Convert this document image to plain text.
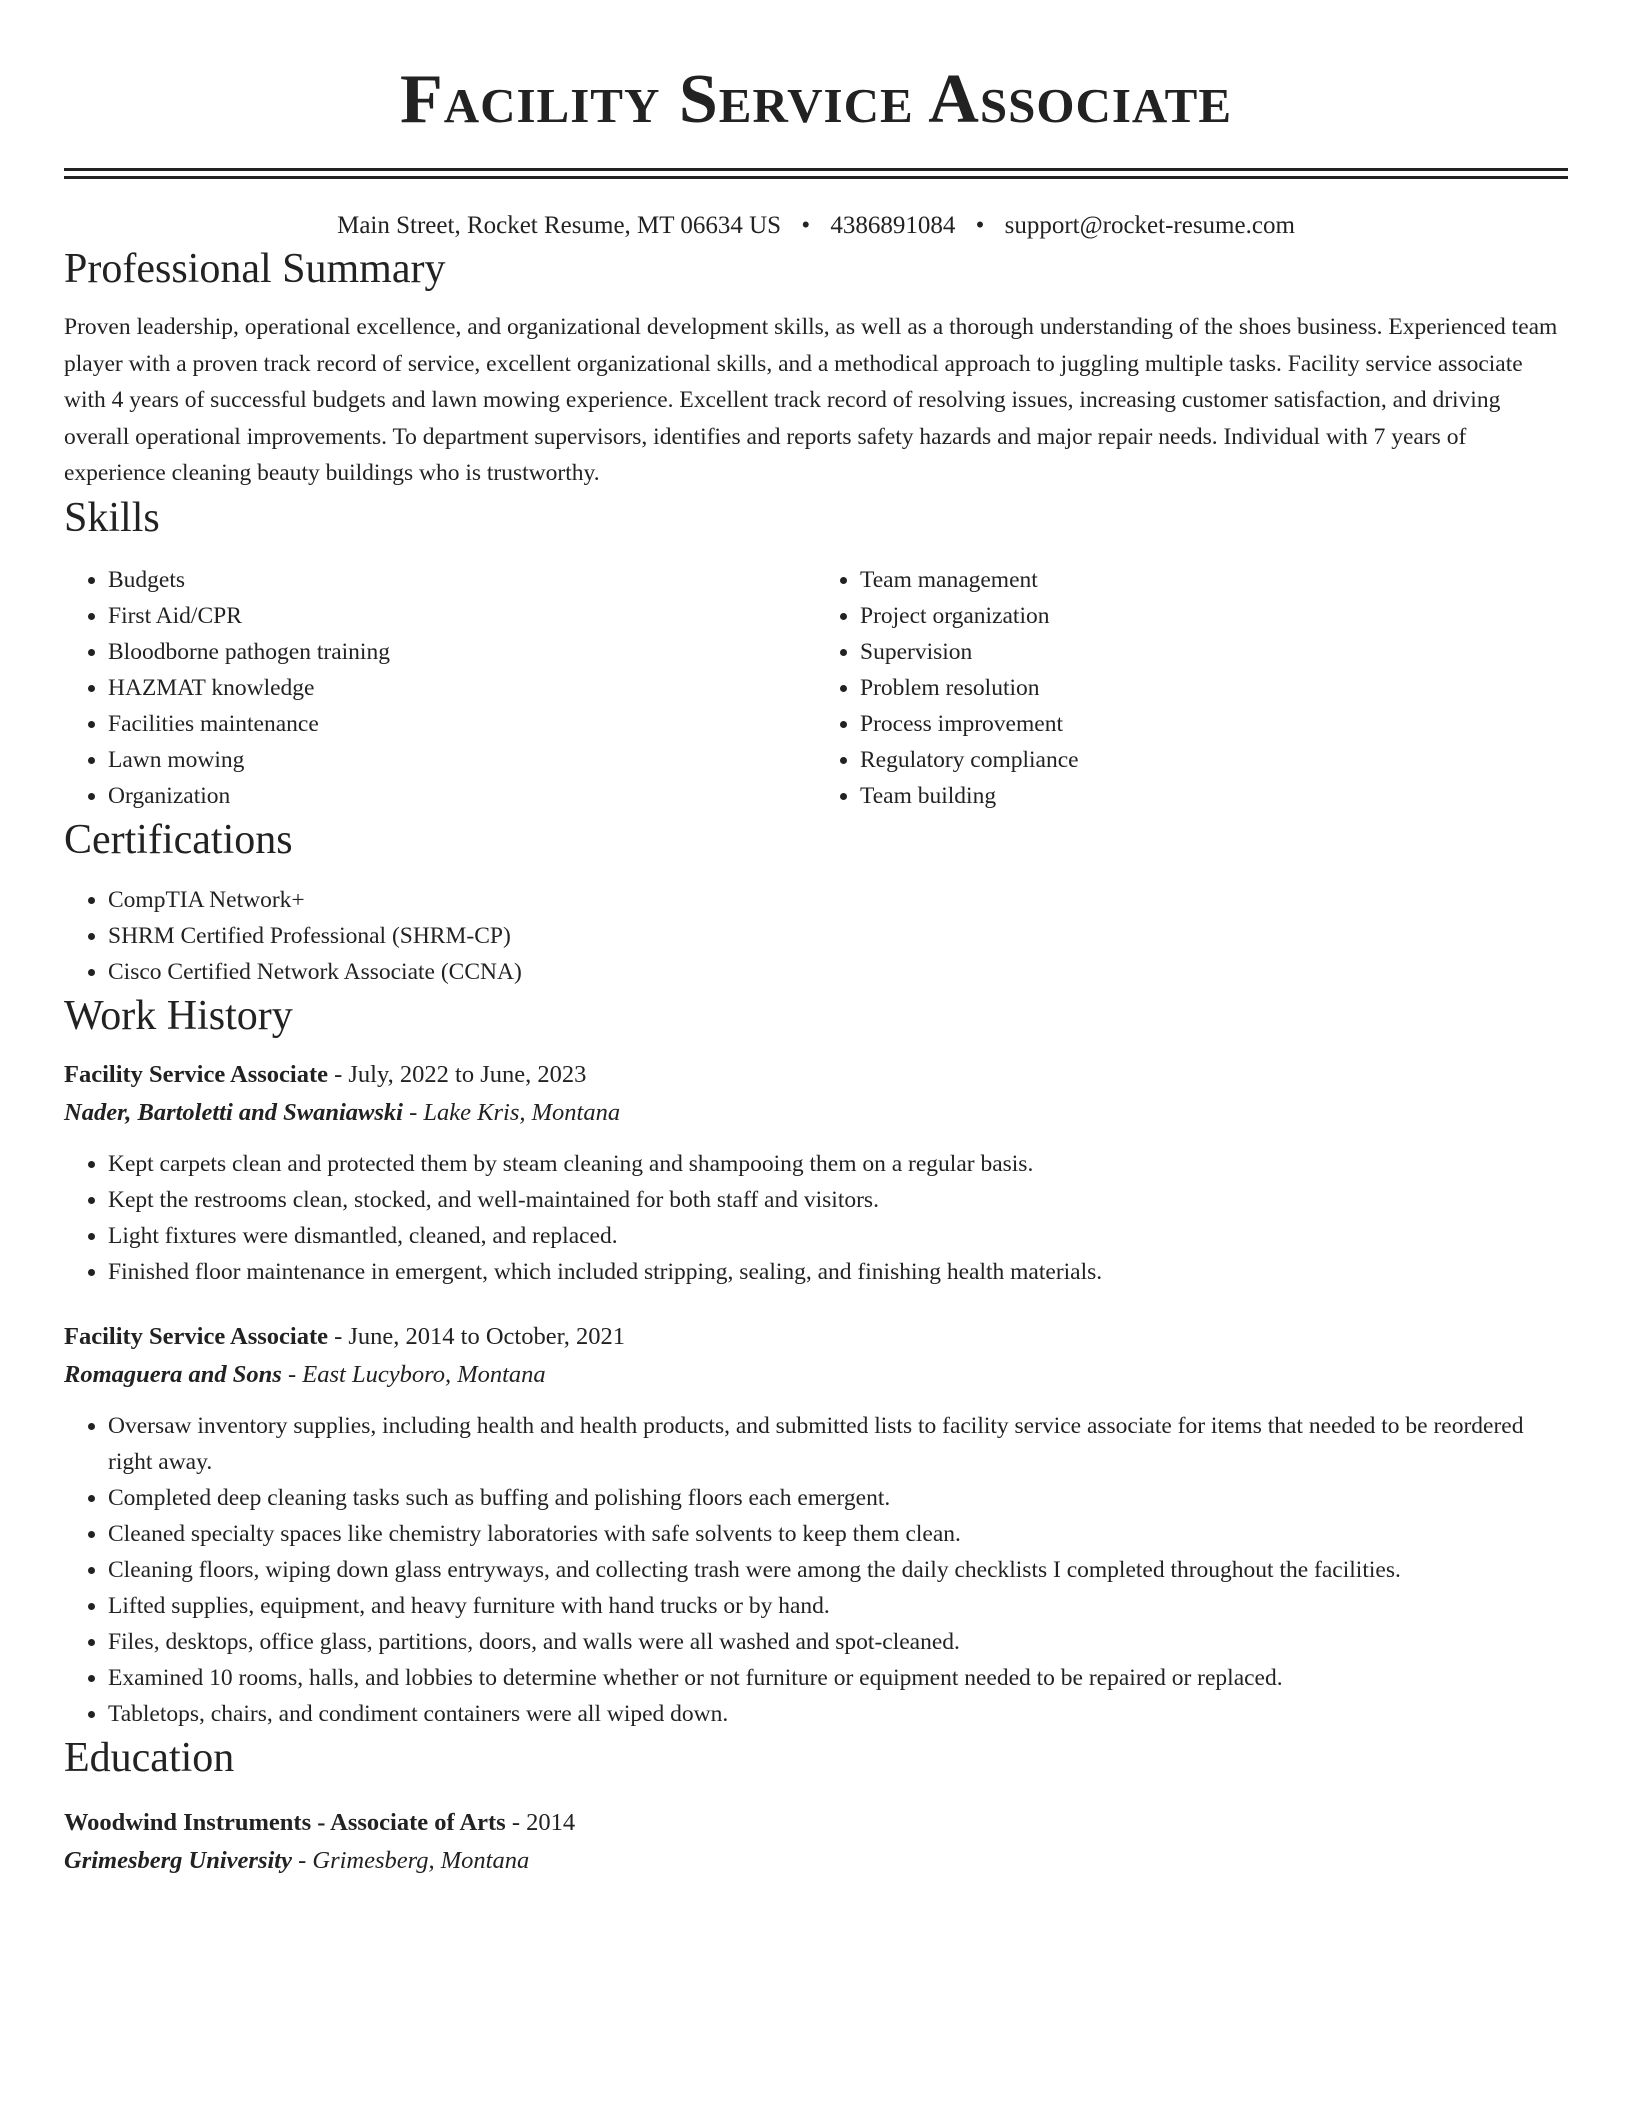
Facility Service Associate
Main Street, Rocket Resume, MT 06634 US • 4386891084 • support@rocket-resume.com
Professional Summary
Proven leadership, operational excellence, and organizational development skills, as well as a thorough understanding of the shoes business. Experienced team player with a proven track record of service, excellent organizational skills, and a methodical approach to juggling multiple tasks. Facility service associate with 4 years of successful budgets and lawn mowing experience. Excellent track record of resolving issues, increasing customer satisfaction, and driving overall operational improvements. To department supervisors, identifies and reports safety hazards and major repair needs. Individual with 7 years of experience cleaning beauty buildings who is trustworthy.
Skills
• Budgets
• First Aid/CPR
• Bloodborne pathogen training
• HAZMAT knowledge
• Facilities maintenance
• Lawn mowing
• Organization
• Team management
• Project organization
• Supervision
• Problem resolution
• Process improvement
• Regulatory compliance
• Team building
Certifications
• CompTIA Network+
• SHRM Certified Professional (SHRM-CP)
• Cisco Certified Network Associate (CCNA)
Work History
Facility Service Associate - July, 2022 to June, 2023
Nader, Bartoletti and Swaniawski - Lake Kris, Montana
• Kept carpets clean and protected them by steam cleaning and shampooing them on a regular basis.
• Kept the restrooms clean, stocked, and well-maintained for both staff and visitors.
• Light fixtures were dismantled, cleaned, and replaced.
• Finished floor maintenance in emergent, which included stripping, sealing, and finishing health materials.
Facility Service Associate - June, 2014 to October, 2021
Romaguera and Sons - East Lucyboro, Montana
• Oversaw inventory supplies, including health and health products, and submitted lists to facility service associate for items that needed to be reordered right away.
• Completed deep cleaning tasks such as buffing and polishing floors each emergent.
• Cleaned specialty spaces like chemistry laboratories with safe solvents to keep them clean.
• Cleaning floors, wiping down glass entryways, and collecting trash were among the daily checklists I completed throughout the facilities.
• Lifted supplies, equipment, and heavy furniture with hand trucks or by hand.
• Files, desktops, office glass, partitions, doors, and walls were all washed and spot-cleaned.
• Examined 10 rooms, halls, and lobbies to determine whether or not furniture or equipment needed to be repaired or replaced.
• Tabletops, chairs, and condiment containers were all wiped down.
Education
Woodwind Instruments - Associate of Arts - 2014
Grimesberg University - Grimesberg, Montana
